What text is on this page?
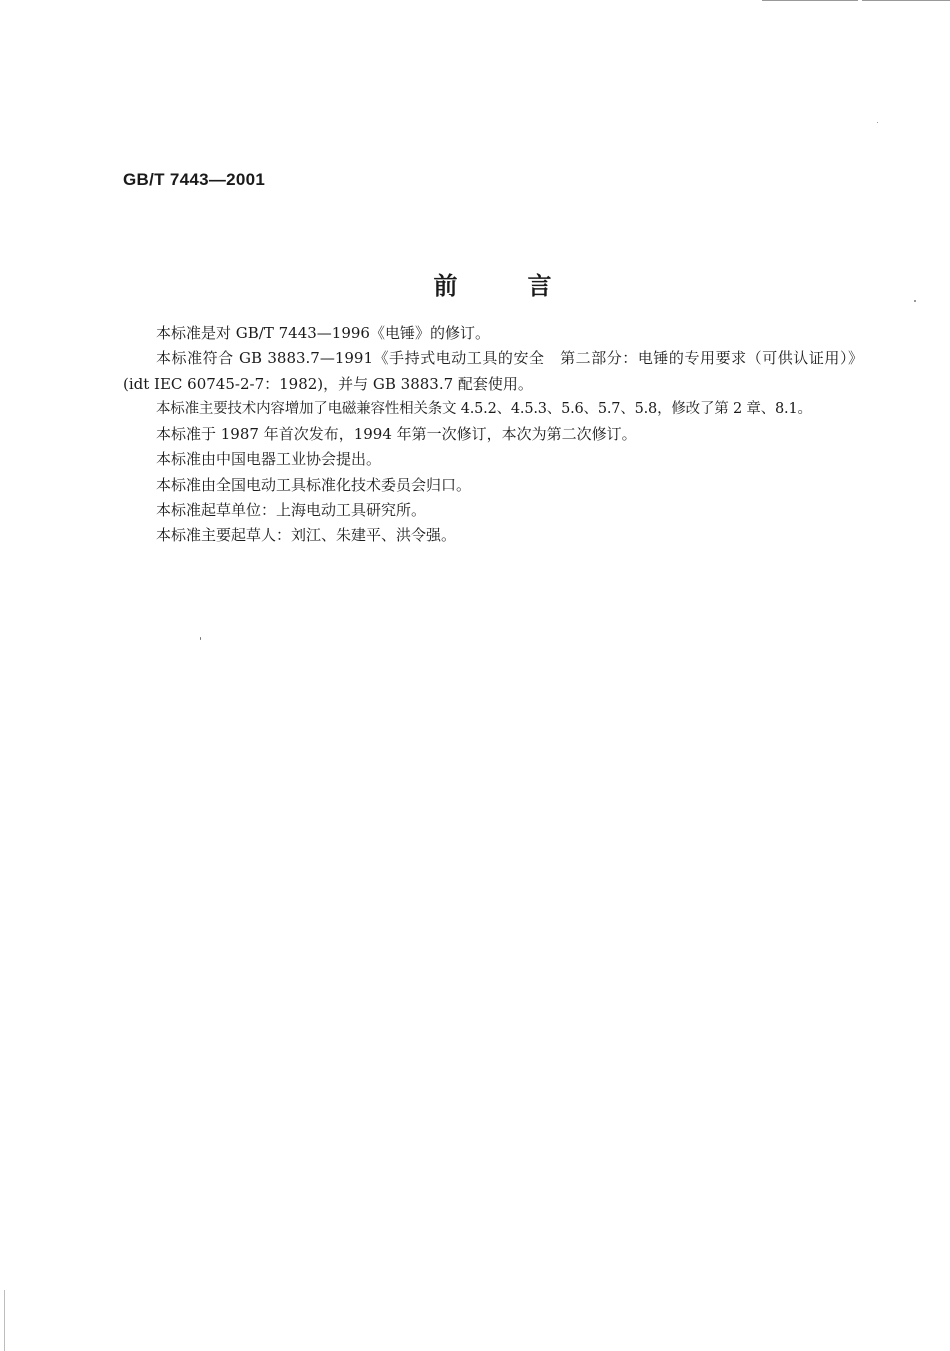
GB/T 7443—2001
前言

本标准是对 GB/T 7443—1996《电锤》的修订。

本标准符合 GB 3883.7—1991《手持式电动工具的安全　第二部分：电锤的专用要求（可供认证用）》(idt IEC 60745-2-7：1982)，并与 GB 3883.7 配套使用。

本标准主要技术内容增加了电磁兼容性相关条文 4.5.2、4.5.3、5.6、5.7、5.8，修改了第 2 章、8.1。

本标准于 1987 年首次发布，1994 年第一次修订，本次为第二次修订。

本标准由中国电器工业协会提出。

本标准由全国电动工具标准化技术委员会归口。

本标准起草单位：上海电动工具研究所。

本标准主要起草人：刘江、朱建平、洪令强。
